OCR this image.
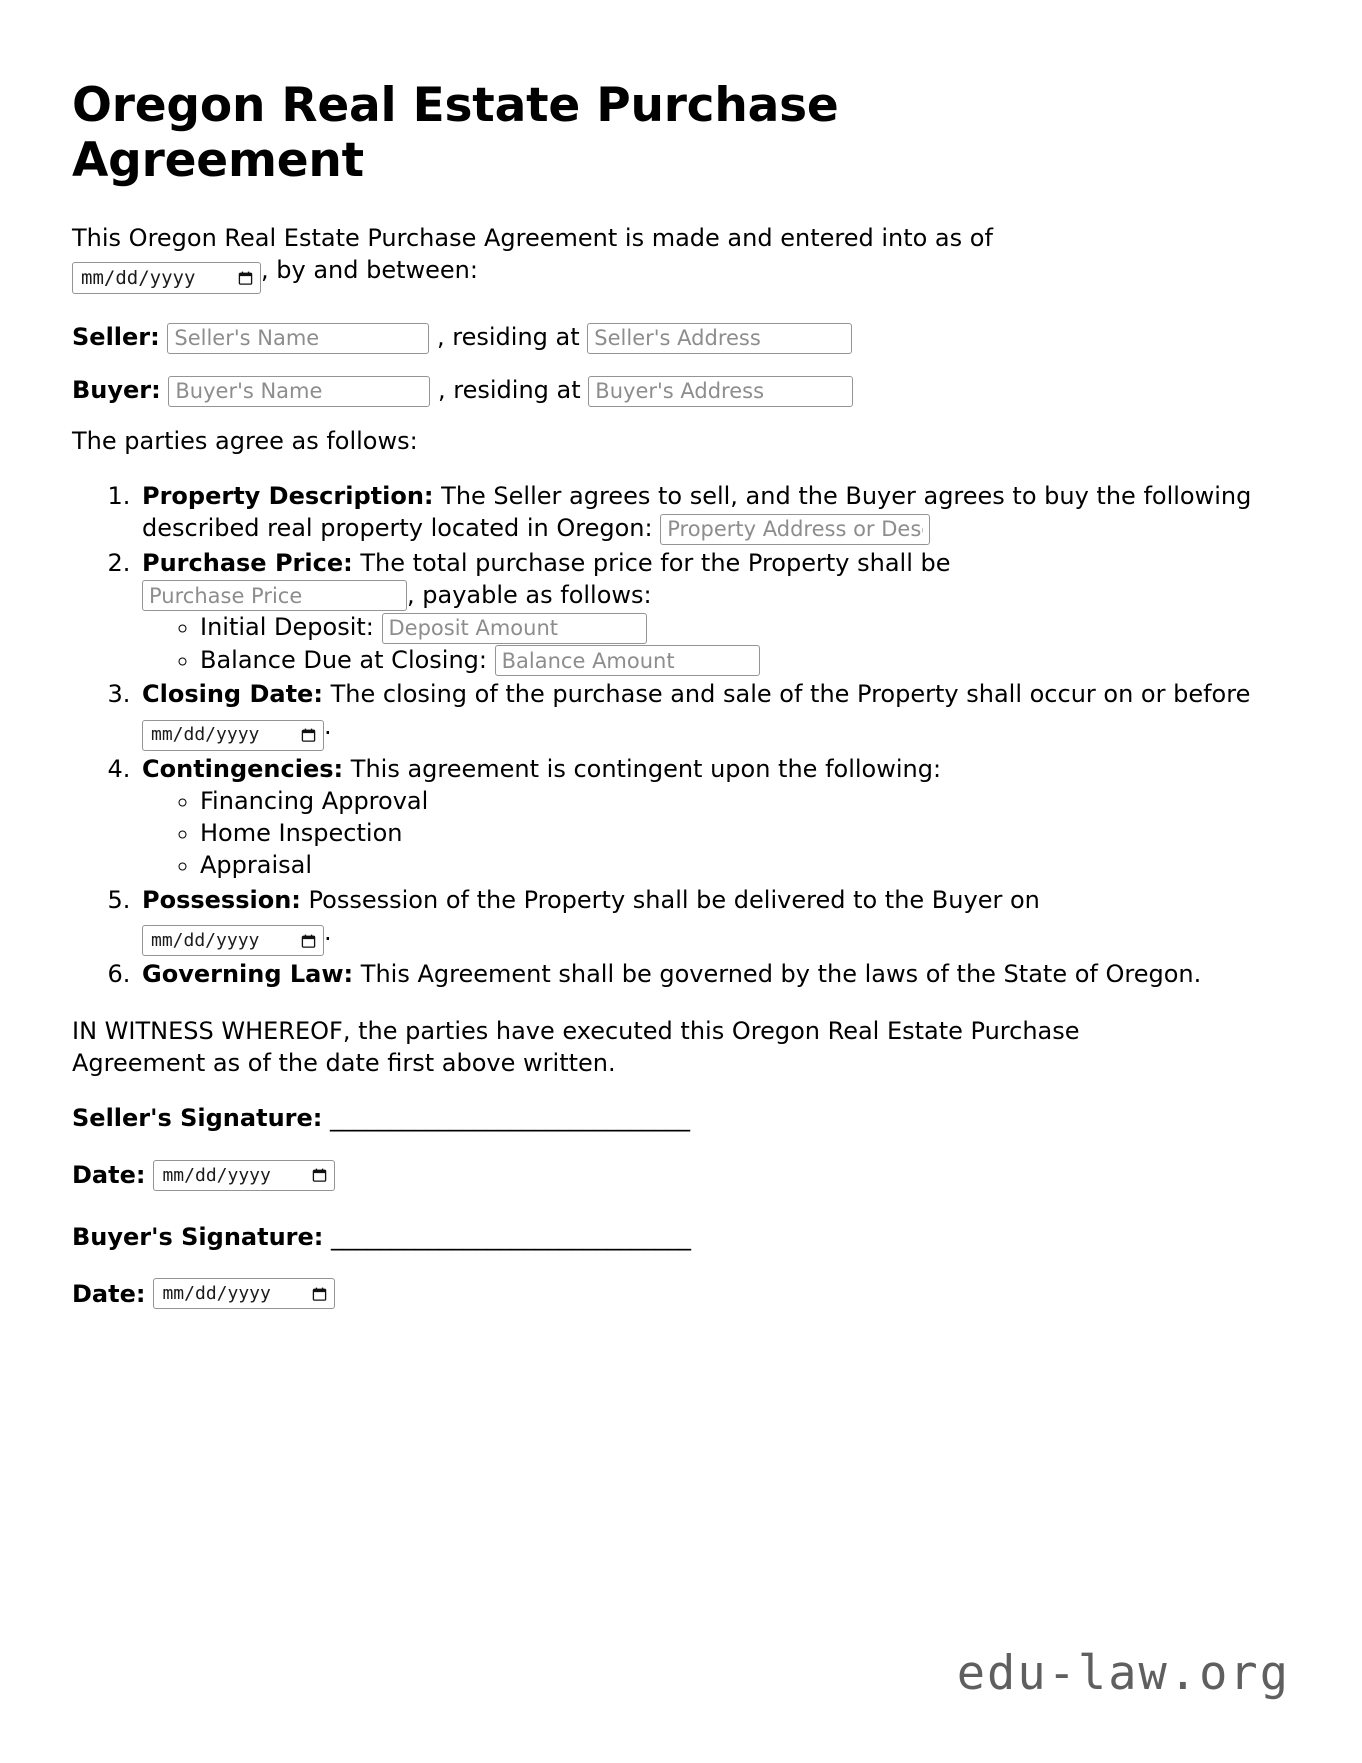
Oregon Real Estate Purchase Agreement

This Oregon Real Estate Purchase Agreement is made and entered into as of

mm/dd/yyyy	, by and between:

Seller: Seller's Name	, residing at Seller's Address

Buyer: Buyer's Name	, residing at Buyer's Address

The parties agree as follows:

1. Property Description: The Seller agrees to sell, and the Buyer agrees to buy the following described real property located in Oregon: Property Address or Description
2. Purchase Price: The total purchase price for the Property shall be
Purchase Price, payable as follows:
◦ Initial Deposit: Deposit Amount
◦ Balance Due at Closing: Balance Amount
3. Closing Date: The closing of the purchase and sale of the Property shall occur on or before
mm/dd/yyyy	.
4. Contingencies: This agreement is contingent upon the following:
◦ Financing Approval
◦ Home Inspection
◦ Appraisal
5. Possession: Possession of the Property shall be delivered to the Buyer on

mm/dd/yyyy	.
6. Governing Law: This Agreement shall be governed by the laws of the State of Oregon.

IN WITNESS WHEREOF, the parties have executed this Oregon Real Estate Purchase Agreement as of the date first above written.

Seller's Signature: ______________________________

Date: mm/dd/yyyy

Buyer's Signature: ______________________________

Date: mm/dd/yyyy
edu-law.org
